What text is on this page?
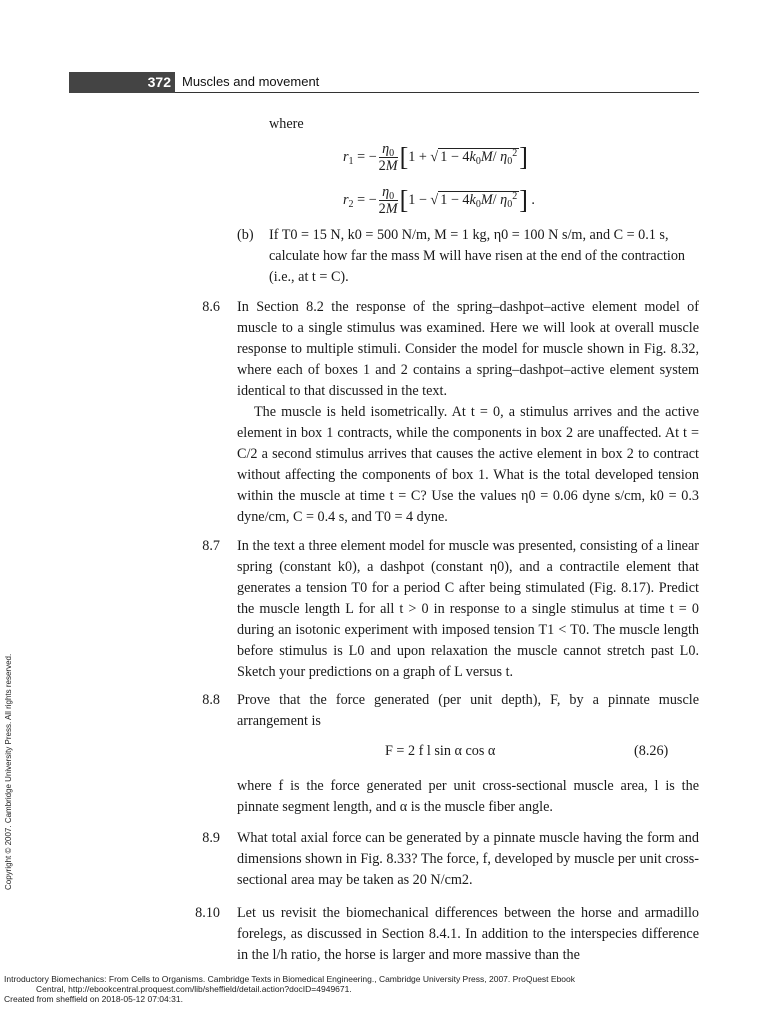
372 Muscles and movement
where
$r_1$ = − $\frac{\eta_0}{2M} [1$ + √ $1 - 4k_0M/$ $\eta_0^2$]
$r_2$ = − $\frac{\eta_0}{2M} [1$ − √ $1 - 4k_0M/$ $\eta_0^2$] .
(b) If T0 = 15 N, k0 = 500 N/m, M = 1 kg, η0 = 100 N s/m, and C = 0.1 s,
calculate how far the mass M will have risen at the end of the contraction
(i.e., at t = C).
8.6 In Section 8.2 the response of the spring–dashpot–active element model of muscle to a single stimulus was examined. Here we will look at overall muscle response to multiple stimuli. Consider the model for muscle shown in Fig. 8.32, where each of boxes 1 and 2 contains a spring–dashpot–active element system identical to that discussed in the text.
The muscle is held isometrically. At t = 0, a stimulus arrives and the active element in box 1 contracts, while the components in box 2 are unaffected. At t = C/2 a second stimulus arrives that causes the active element in box 2 to contract without affecting the components of box 1. What is the total developed tension within the muscle at time t = C? Use the values η0 = 0.06 dyne s/cm, k0 = 0.3 dyne/cm, C = 0.4 s, and T0 = 4 dyne.
8.7 In the text a three element model for muscle was presented, consisting of a linear spring (constant k0), a dashpot (constant η0), and a contractile element that generates a tension T0 for a period C after being stimulated (Fig. 8.17). Predict the muscle length L for all t > 0 in response to a single stimulus at time t = 0 during an isotonic experiment with imposed tension T1 < T0. The muscle length before stimulus is L0 and upon relaxation the muscle cannot stretch past L0. Sketch your predictions on a graph of L versus t.
8.8 Prove that the force generated (per unit depth), F, by a pinnate muscle arrangement is
F = 2 f l sin α cos α	(8.26)
where f is the force generated per unit cross-sectional muscle area, l is the pinnate segment length, and α is the muscle fiber angle.
8.9 What total axial force can be generated by a pinnate muscle having the form and dimensions shown in Fig. 8.33? The force, f, developed by muscle per unit cross-sectional area may be taken as 20 N/cm2.
8.10 Let us revisit the biomechanical differences between the horse and armadillo forelegs, as discussed in Section 8.4.1. In addition to the interspecies difference in the l/h ratio, the horse is larger and more massive than the
Copyright © 2007. Cambridge University Press. All rights reserved.
Introductory Biomechanics: From Cells to Organisms. Cambridge Texts in Biomedical Engineering., Cambridge University Press, 2007. ProQuest Ebook
Central, http://ebookcentral.proquest.com/lib/sheffield/detail.action?docID=4949671.
Created from sheffield on 2018-05-12 07:04:31.
